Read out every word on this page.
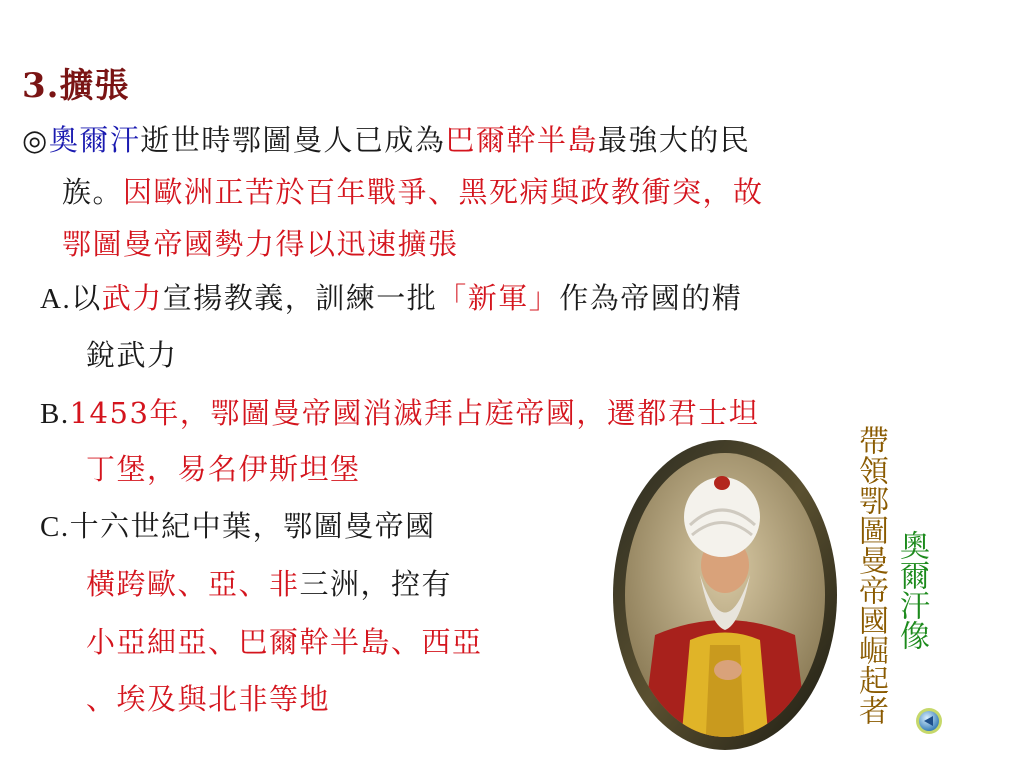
3.擴張
◎奧爾汗逝世時鄂圖曼人已成為巴爾幹半島最強大的民
族。因歐洲正苦於百年戰爭、黑死病與政教衝突，故
鄂圖曼帝國勢力得以迅速擴張
A.以武力宣揚教義，訓練一批「新軍」作為帝國的精
銳武力
B.1453年，鄂圖曼帝國消滅拜占庭帝國，遷都君士坦
丁堡，易名伊斯坦堡
C.十六世紀中葉，鄂圖曼帝國
橫跨歐、亞、非三洲，控有
小亞細亞、巴爾幹半島、西亞
、埃及與北非等地	帶領鄂圖曼帝國崛起者 奧爾汗像
